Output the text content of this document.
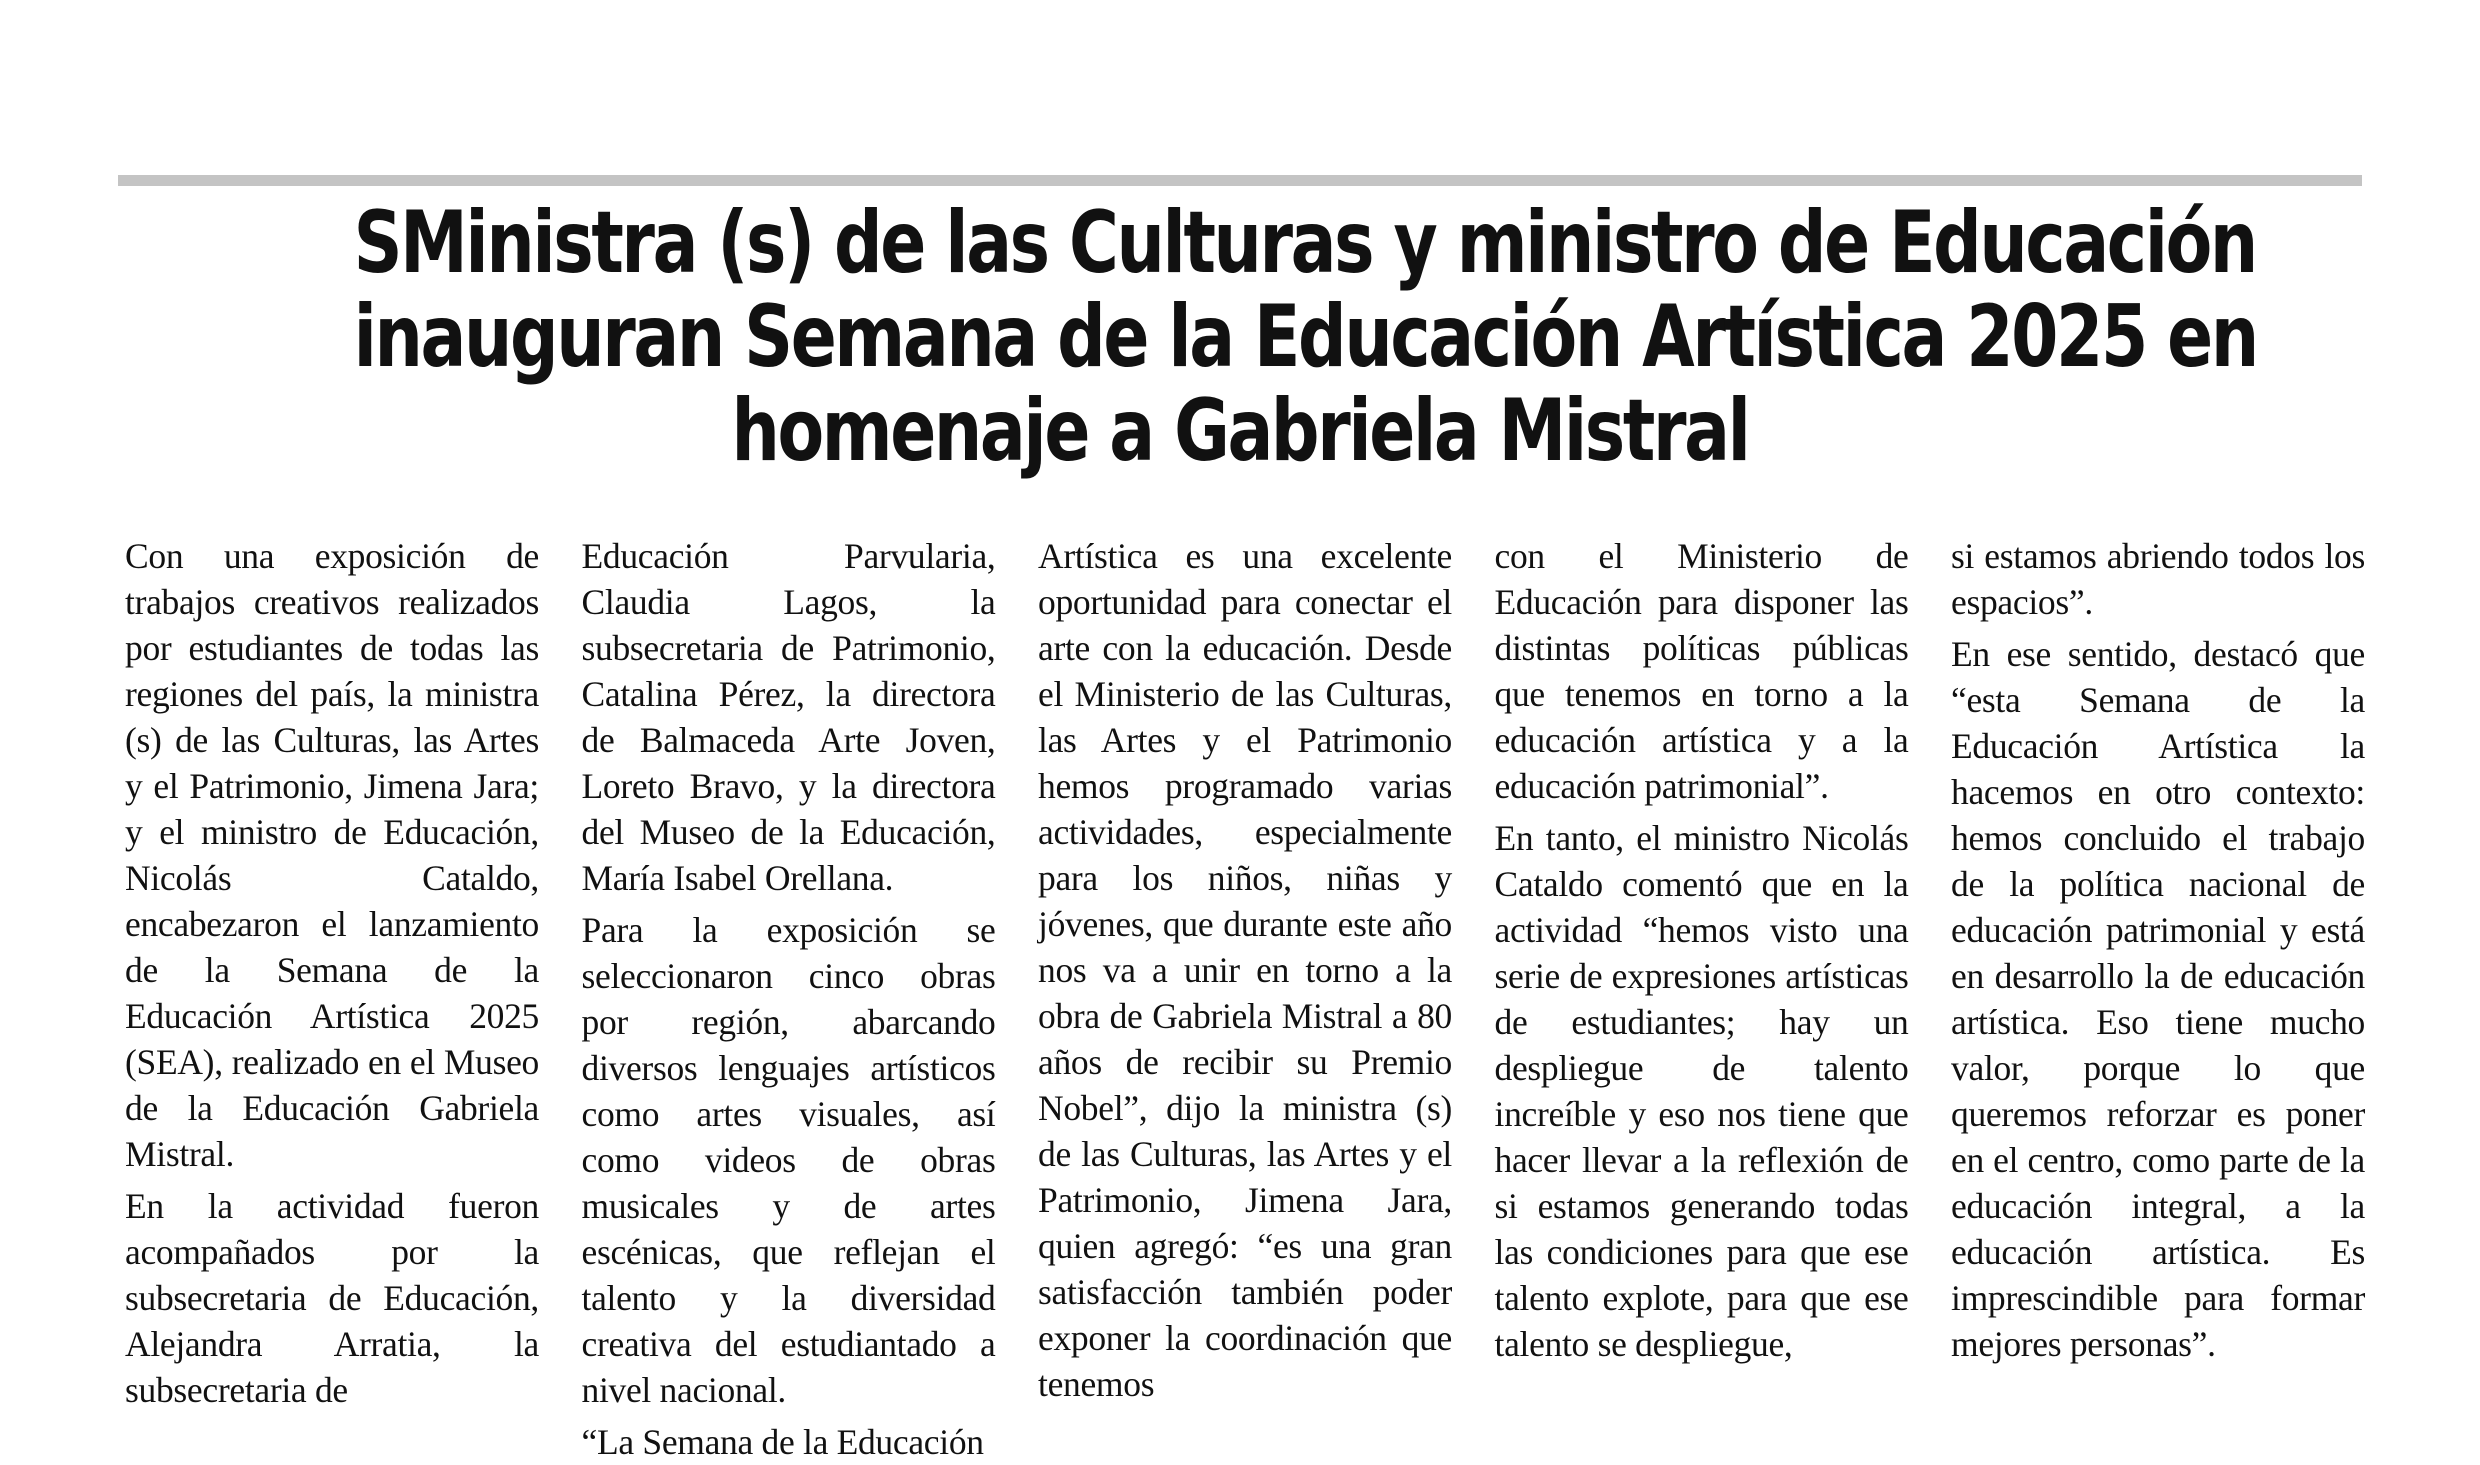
SMinistra (s) de las Culturas y ministro de Educación
inauguran Semana de la Educación Artística 2025 en
homenaje a Gabriela Mistral

Con una exposición de trabajos creativos realizados por estudiantes de todas las regiones del país, la ministra (s) de las Culturas, las Artes y el Patrimonio, Jimena Jara; y el ministro de Educación, Nicolás Cataldo, encabezaron el lanzamiento de la Semana de la Educación Artística 2025 (SEA), realizado en el Museo de la Educación Gabriela Mistral.

En la actividad fueron acompañados por la subsecretaria de Educación, Alejandra Arratia, la subsecretaria de

Educación Parvularia, Claudia Lagos, la subsecretaria de Patrimonio, Catalina Pérez, la directora de Balmaceda Arte Joven, Loreto Bravo, y la directora del Museo de la Educación, María Isabel Orellana.

Para la exposición se seleccionaron cinco obras por región, abarcando diversos lenguajes artísticos como artes visuales, así como videos de obras musicales y de artes escénicas, que reflejan el talento y la diversidad creativa del estudiantado a nivel nacional.

“La Semana de la Educación

Artística es una excelente oportunidad para conectar el arte con la educación. Desde el Ministerio de las Culturas, las Artes y el Patrimonio hemos programado varias actividades, especialmente para los niños, niñas y jóvenes, que durante este año nos va a unir en torno a la obra de Gabriela Mistral a 80 años de recibir su Premio Nobel”, dijo la ministra (s) de las Culturas, las Artes y el Patrimonio, Jimena Jara, quien agregó: “es una gran satisfacción también poder exponer la coordinación que tenemos

con el Ministerio de Educación para disponer las distintas políticas públicas que tenemos en torno a la educación artística y a la educación patrimonial”.

En tanto, el ministro Nicolás Cataldo comentó que en la actividad “hemos visto una serie de expresiones artísticas de estudiantes; hay un despliegue de talento increíble y eso nos tiene que hacer llevar a la reflexión de si estamos generando todas las condiciones para que ese talento explote, para que ese talento se despliegue,

si estamos abriendo todos los espacios”.

En ese sentido, destacó que “esta Semana de la Educación Artística la hacemos en otro contexto: hemos concluido el trabajo de la política nacional de educación patrimonial y está en desarrollo la de educación artística. Eso tiene mucho valor, porque lo que queremos reforzar es poner en el centro, como parte de la educación integral, a la educación artística. Es imprescindible para formar mejores personas”.
